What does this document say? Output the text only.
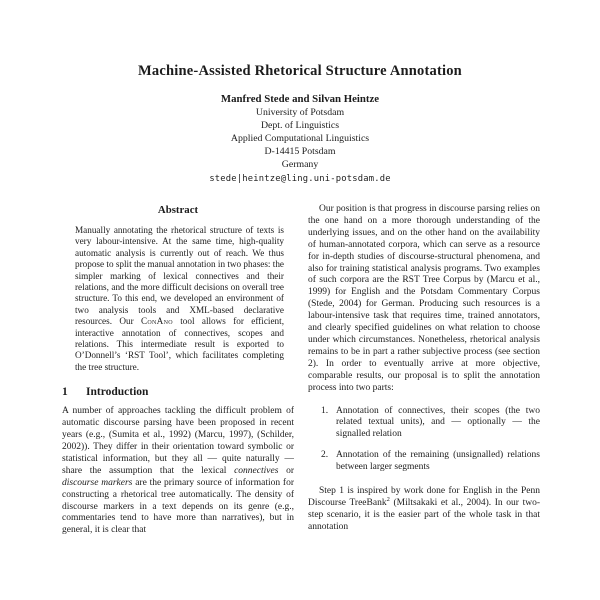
Machine-Assisted Rhetorical Structure Annotation
Manfred Stede and Silvan Heintze
University of Potsdam
Dept. of Linguistics
Applied Computational Linguistics
D-14415 Potsdam
Germany
stede|heintze@ling.uni-potsdam.de
Abstract

Manually annotating the rhetorical structure of texts is very labour-intensive. At the same time, high-quality automatic analysis is currently out of reach. We thus propose to split the manual annotation in two phases: the simpler marking of lexical connectives and their relations, and the more difficult decisions on overall tree structure. To this end, we developed an environment of two analysis tools and XML-based declarative resources. Our ConAno tool allows for efficient, interactive annotation of connectives, scopes and relations. This intermediate result is exported to O’Donnell’s ‘RST Tool’, which facilitates completing the tree structure.

1	Introduction

A number of approaches tackling the difficult problem of automatic discourse parsing have been proposed in recent years (e.g., (Sumita et al., 1992) (Marcu, 1997), (Schilder, 2002)). They differ in their orientation toward symbolic or statistical information, but they all — quite naturally — share the assumption that the lexical connectives or discourse markers are the primary source of information for constructing a rhetorical tree automatically. The density of discourse markers in a text depends on its genre (e.g., commentaries tend to have more than narratives), but in general, it is clear that

Our position is that progress in discourse parsing relies on the one hand on a more thorough understanding of the underlying issues, and on the other hand on the availability of human-annotated corpora, which can serve as a resource for in-depth studies of discourse-structural phenomena, and also for training statistical analysis programs. Two examples of such corpora are the RST Tree Corpus by (Marcu et al., 1999) for English and the Potsdam Commentary Corpus (Stede, 2004) for German. Producing such resources is a labour-intensive task that requires time, trained annotators, and clearly specified guidelines on what relation to choose under which circumstances. Nonetheless, rhetorical analysis remains to be in part a rather subjective process (see section 2). In order to eventually arrive at more objective, comparable results, our proposal is to split the annotation process into two parts:

1. Annotation of connectives, their scopes (the two related textual units), and — optionally — the signalled relation
2. Annotation of the remaining (unsignalled) relations between larger segments

Step 1 is inspired by work done for English in the Penn Discourse TreeBank$^2$ (Miltsakaki et al., 2004). In our two-step scenario, it is the easier part of the whole task in that annotation
